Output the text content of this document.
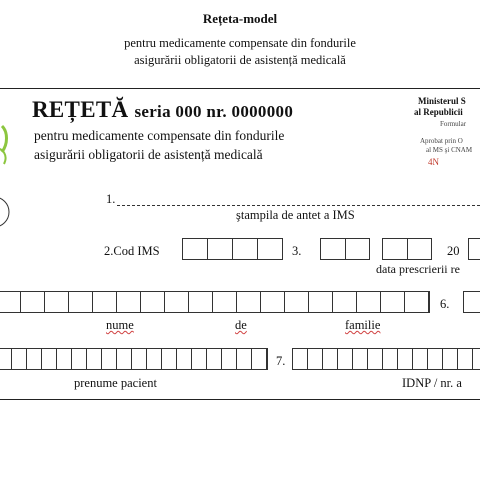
Rețeta-model
pentru medicamente compensate din fondurile
asigurării obligatorii de asistență medicală
REȚETĂ seria 000 nr. 0000000
pentru medicamente compensate din fondurile
asigurării obligatorii de asistență medicală
Ministerul S
al Republicii
Formular
Aprobat prin O
al MS şi CNAM
4N
1.
ştampila de antet a IMS
2.Cod IMS	3.	20
data prescrierii re
6.
nume	de	familie
7.
prenume pacient	IDNP / nr. a
